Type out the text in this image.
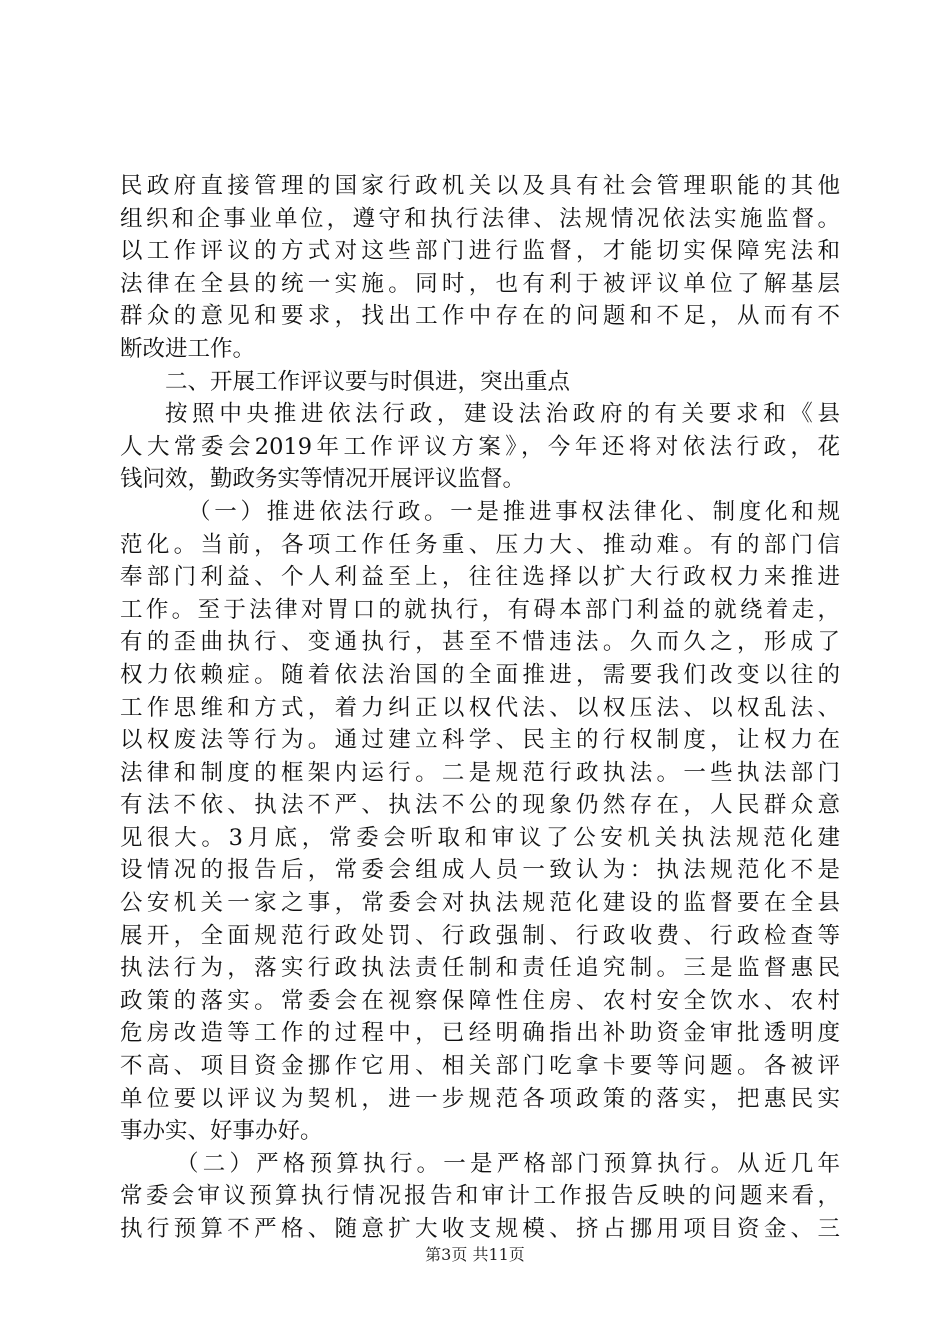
民政府直接管理的国家行政机关以及具有社会管理职能的其他
组织和企事业单位，遵守和执行法律、法规情况依法实施监督。
以工作评议的方式对这些部门进行监督，才能切实保障宪法和
法律在全县的统一实施。同时，也有利于被评议单位了解基层
群众的意见和要求，找出工作中存在的问题和不足，从而有不
断改进工作。
二、开展工作评议要与时俱进，突出重点
按照中央推进依法行政，建设法治政府的有关要求和《县
人大常委会2019年工作评议方案》，今年还将对依法行政，花
钱问效，勤政务实等情况开展评议监督。
（一）推进依法行政。一是推进事权法律化、制度化和规
范化。当前，各项工作任务重、压力大、推动难。有的部门信
奉部门利益、个人利益至上，往往选择以扩大行政权力来推进
工作。至于法律对胃口的就执行，有碍本部门利益的就绕着走，
有的歪曲执行、变通执行，甚至不惜违法。久而久之，形成了
权力依赖症。随着依法治国的全面推进，需要我们改变以往的
工作思维和方式，着力纠正以权代法、以权压法、以权乱法、
以权废法等行为。通过建立科学、民主的行权制度，让权力在
法律和制度的框架内运行。二是规范行政执法。一些执法部门
有法不依、执法不严、执法不公的现象仍然存在，人民群众意
见很大。3月底，常委会听取和审议了公安机关执法规范化建
设情况的报告后，常委会组成人员一致认为：执法规范化不是
公安机关一家之事，常委会对执法规范化建设的监督要在全县
展开，全面规范行政处罚、行政强制、行政收费、行政检查等
执法行为，落实行政执法责任制和责任追究制。三是监督惠民
政策的落实。常委会在视察保障性住房、农村安全饮水、农村
危房改造等工作的过程中，已经明确指出补助资金审批透明度
不高、项目资金挪作它用、相关部门吃拿卡要等问题。各被评
单位要以评议为契机，进一步规范各项政策的落实，把惠民实
事办实、好事办好。
（二）严格预算执行。一是严格部门预算执行。从近几年
常委会审议预算执行情况报告和审计工作报告反映的问题来看，
执行预算不严格、随意扩大收支规模、挤占挪用项目资金、三
第3页 共11页
